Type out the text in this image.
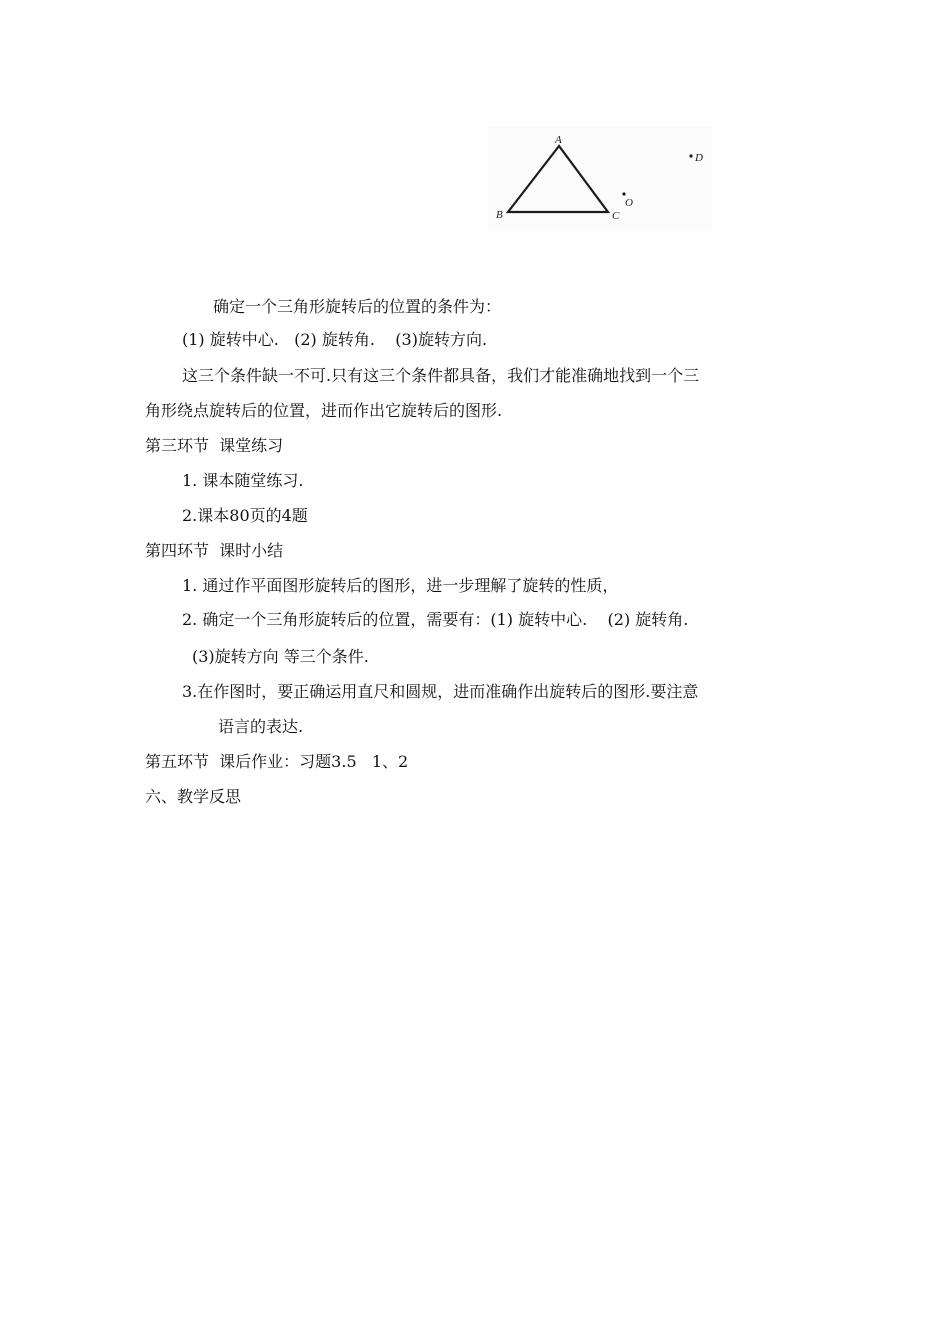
A
B	C
O
D
确定一个三角形旋转后的位置的条件为：
(1) 旋转中心.   (2) 旋转角.    (3)旋转方向.
这三个条件缺一不可.只有这三个条件都具备，我们才能准确地找到一个三
角形绕点旋转后的位置，进而作出它旋转后的图形.
第三环节  课堂练习
1. 课本随堂练习.
2.课本80页的4题
第四环节  课时小结
1. 通过作平面图形旋转后的图形，进一步理解了旋转的性质，
2. 确定一个三角形旋转后的位置，需要有：(1) 旋转中心.    (2) 旋转角.
(3)旋转方向 等三个条件.
3.在作图时，要正确运用直尺和圆规，进而准确作出旋转后的图形.要注意
语言的表达.
第五环节  课后作业：习题3.5   1、2
六、教学反思
